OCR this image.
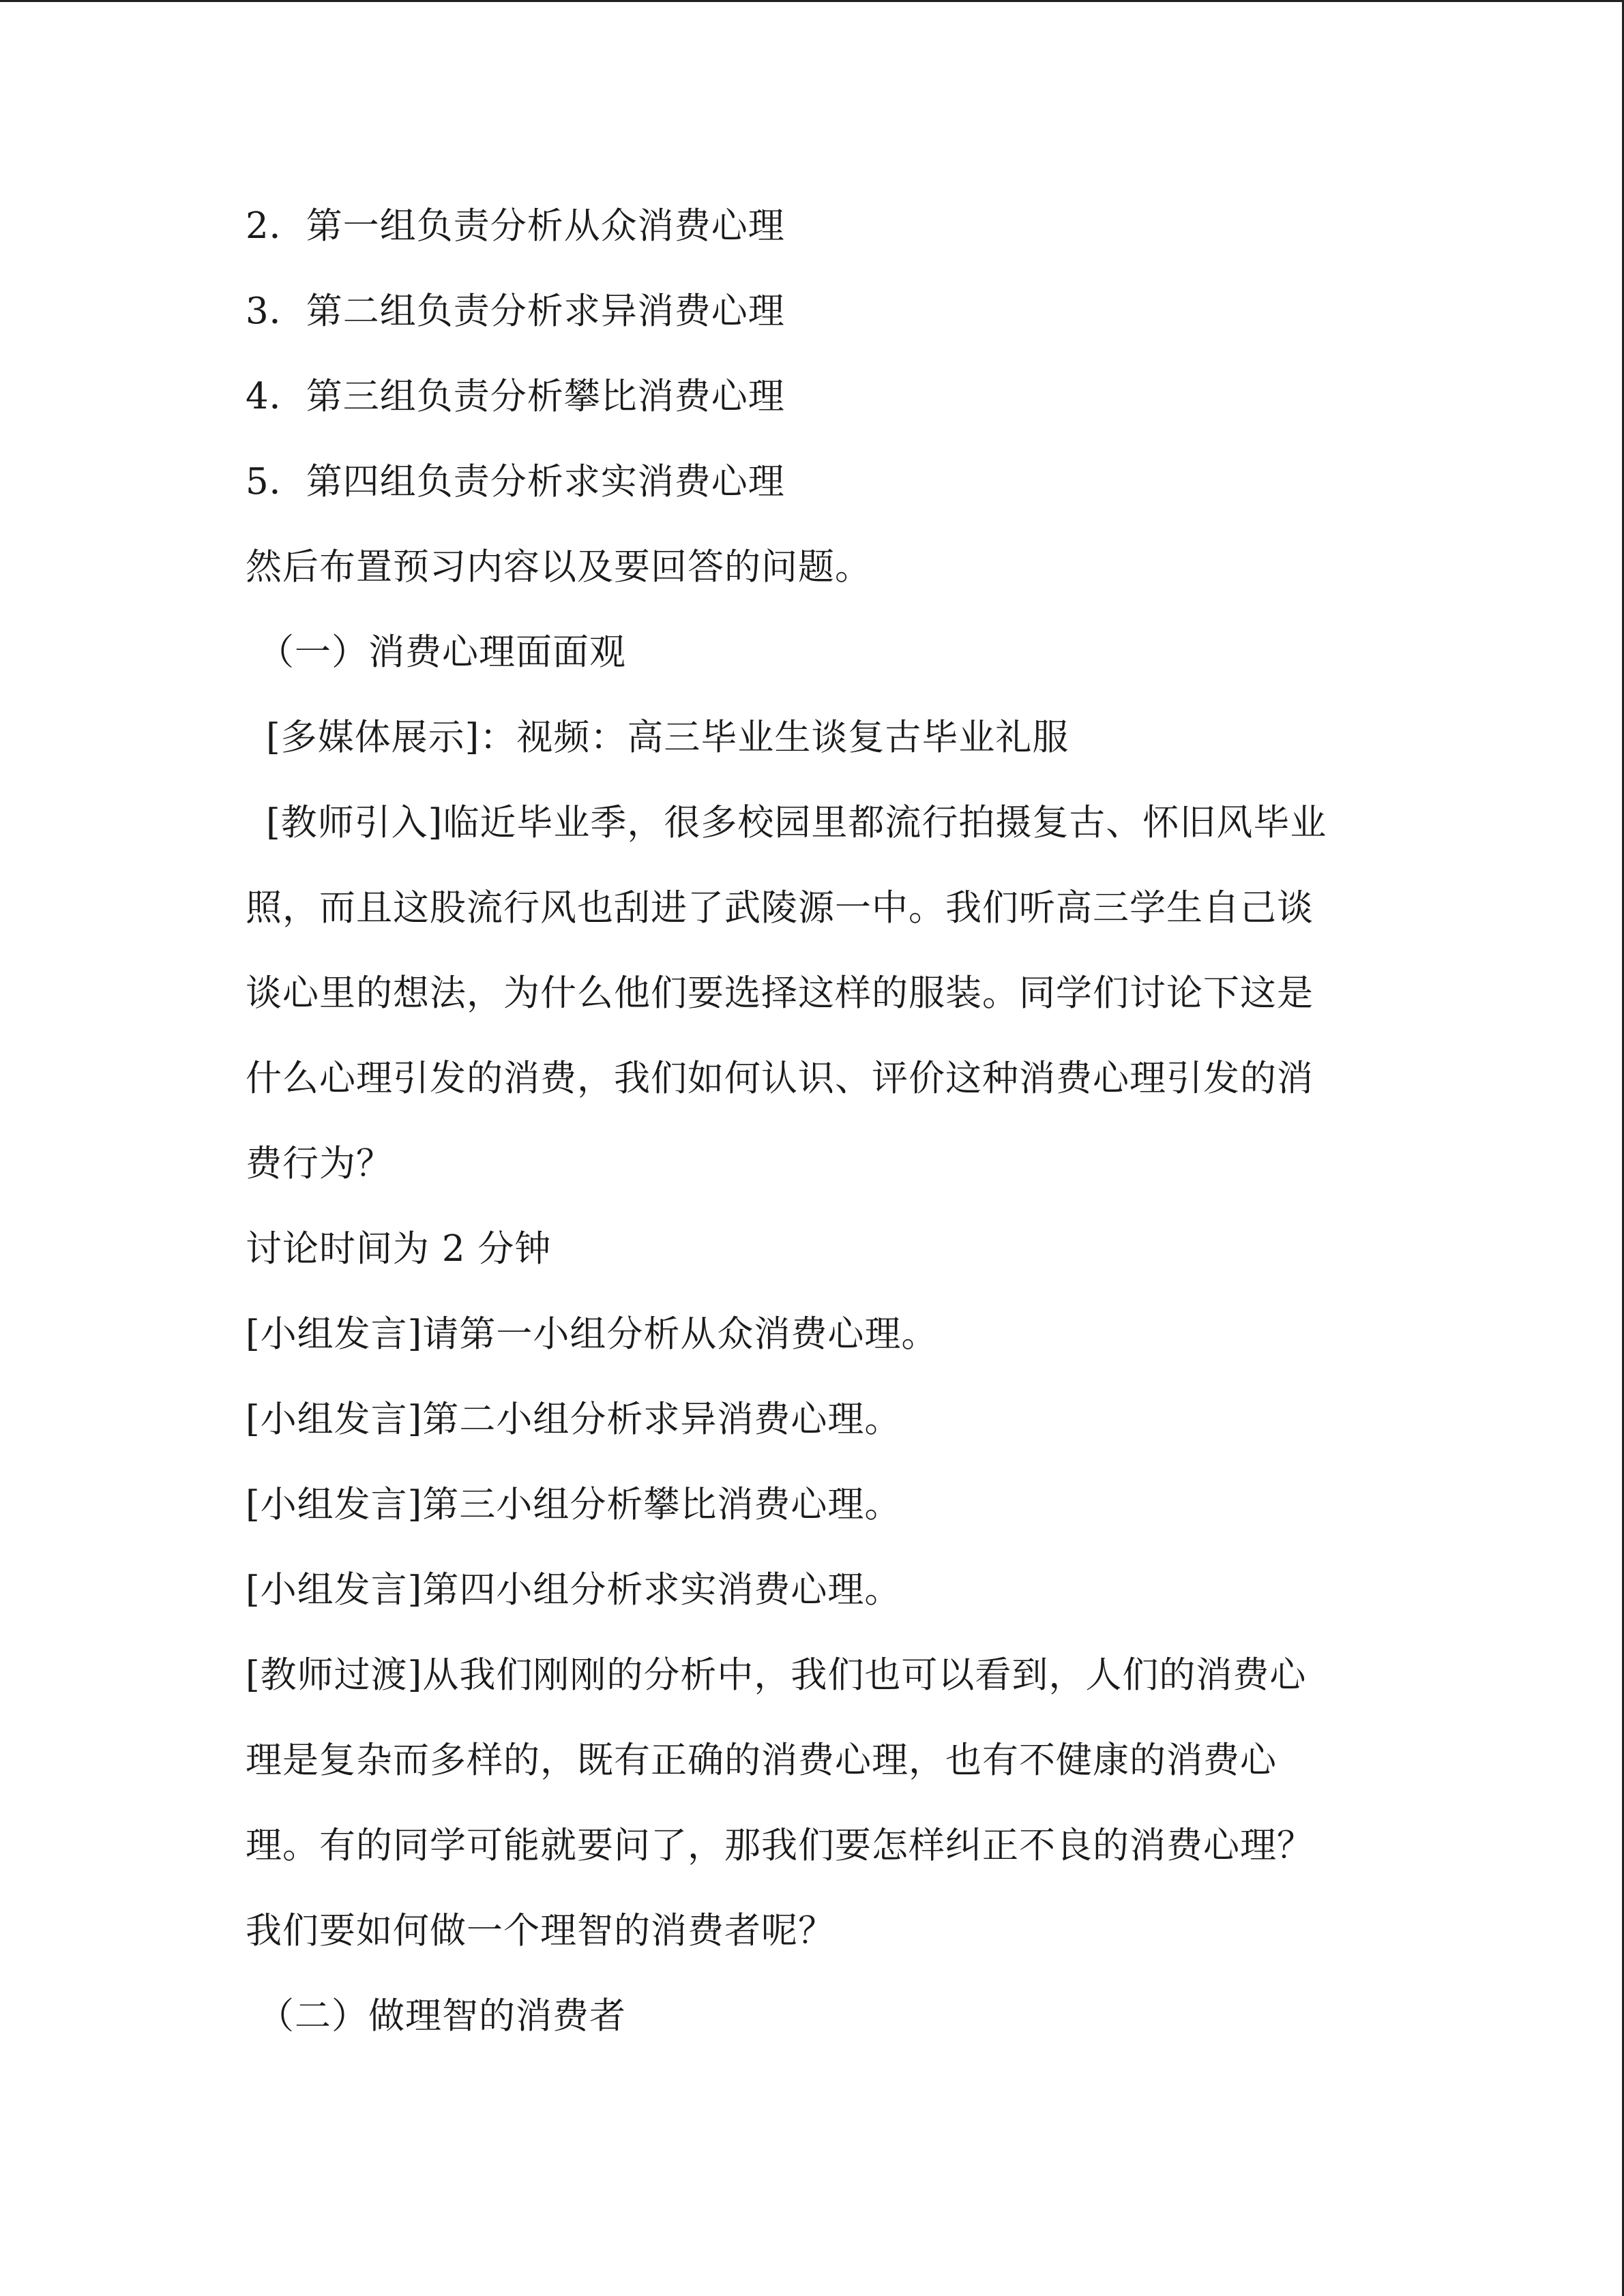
2．第一组负责分析从众消费心理
3．第二组负责分析求异消费心理
4．第三组负责分析攀比消费心理
5．第四组负责分析求实消费心理
然后布置预习内容以及要回答的问题。
（一）消费心理面面观
[多媒体展示]：视频：高三毕业生谈复古毕业礼服
[教师引入]临近毕业季，很多校园里都流行拍摄复古、怀旧风毕业
照，而且这股流行风也刮进了武陵源一中。我们听高三学生自己谈
谈心里的想法，为什么他们要选择这样的服装。同学们讨论下这是
什么心理引发的消费，我们如何认识、评价这种消费心理引发的消
费行为？
讨论时间为 2 分钟
[小组发言]请第一小组分析从众消费心理。
[小组发言]第二小组分析求异消费心理。
[小组发言]第三小组分析攀比消费心理。
[小组发言]第四小组分析求实消费心理。
[教师过渡]从我们刚刚的分析中，我们也可以看到，人们的消费心
理是复杂而多样的，既有正确的消费心理，也有不健康的消费心
理。有的同学可能就要问了，那我们要怎样纠正不良的消费心理？
我们要如何做一个理智的消费者呢？
（二）做理智的消费者
